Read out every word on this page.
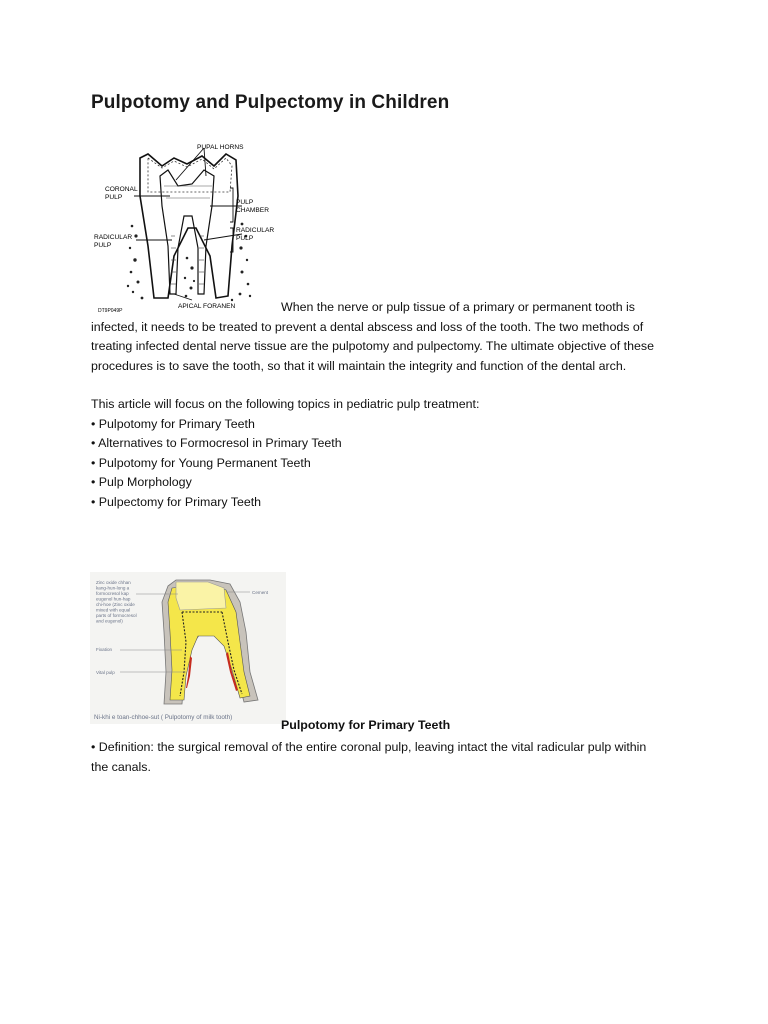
Pulpotomy and Pulpectomy in Children
PUPAL HORNS
CORONAL
PULP
PULP
CHAMBER
RADICULAR
PULP
RADICULAR
PULP
APICAL FORANEN
DT9P049P	When the nerve or pulp tissue of a primary or permanent tooth is
infected, it needs to be treated to prevent a dental abscess and loss of the tooth. The two methods of
treating infected dental nerve tissue are the pulpotomy and pulpectomy. The ultimate objective of these
procedures is to save the tooth, so that it will maintain the integrity and function of the dental arch.
This article will focus on the following topics in pediatric pulp treatment:
• Pulpotomy for Primary Teeth
• Alternatives to Formocresol in Primary Teeth
• Pulpotomy for Young Permanent Teeth
• Pulp Morphology
• Pulpectomy for Primary Teeth
Zinc oxide chhan
kang-hun-long a
formocresol kap
eugenol hun-hap
chi-hoe (Zinc oxide
mixed with equal
parts of formocresol
and eugenol)
Cement
Fixation
Vital pulp
Ni-khi e toan-chhoe-sut ( Pulpotomy of milk tooth)
Pulpotomy for Primary Teeth
• Definition: the surgical removal of the entire coronal pulp, leaving intact the vital radicular pulp within
the canals.
